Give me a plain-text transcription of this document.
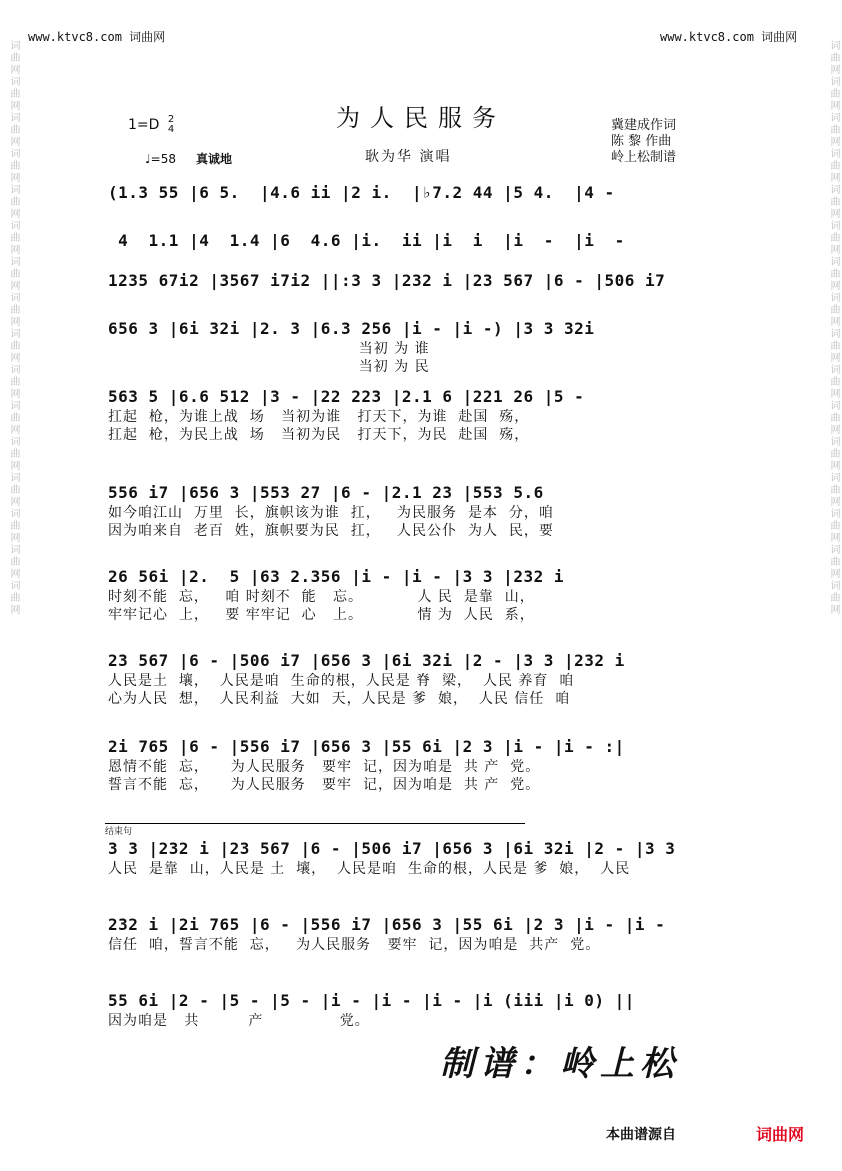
词曲网词曲网词曲网词曲网词曲网词曲网词曲网词曲网词曲网词曲网词曲网词曲网词曲网词曲网词曲网词曲网	词曲网词曲网词曲网词曲网词曲网词曲网词曲网词曲网词曲网词曲网词曲网词曲网词曲网词曲网词曲网词曲网
www.ktvc8.com 词曲网	www.ktvc8.com 词曲网
为人民服务
1=D 2
4
♩=58 真诚地	耿为华 演唱
冀建成作词
陈 黎 作曲
岭上松制谱
(1.3 55 |6 5.  |4.6 ii |2 i.  |♭7.2 44 |5 4.  |4 -
4  1.1 |4  1.4 |6  4.6 |i.  ii |i  i  |i  -  |i  -
1235 67i2 |3567 i7i2 ||:3 3 |232 i |23 567 |6 - |506 i7
656 3 |6i 32i |2. 3 |6.3 256 |i - |i -) |3 3 32i
当初 为 谁
当初 为 民
563 5 |6.6 512 |3 - |22 223 |2.1 6 |221 26 |5 -
扛起  枪，为谁上战  场   当初为谁   打天下，为谁  赴国  殇，
扛起  枪，为民上战  场   当初为民   打天下，为民  赴国  殇，
556 i7 |656 3 |553 27 |6 - |2.1 23 |553 5.6
如今咱江山  万里  长，旗帜该为谁  扛，   为民服务  是本  分，咱
因为咱来自  老百  姓，旗帜要为民  扛，   人民公仆  为人  民，要
26 56i |2.  5 |63 2.356 |i - |i - |3 3 |232 i
时刻不能  忘，   咱 时刻不  能   忘。          人 民  是靠  山，
牢牢记心  上，   要 牢牢记  心   上。          情 为  人民  系，
23 567 |6 - |506 i7 |656 3 |6i 32i |2 - |3 3 |232 i
人民是土  壤，  人民是咱  生命的根，人民是 脊  梁，  人民 养育  咱
心为人民  想，  人民利益  大如  天，人民是 爹  娘，  人民 信任  咱
2i 765 |6 - |556 i7 |656 3 |55 6i |2 3 |i - |i - :|
恩情不能  忘，    为人民服务   要牢  记，因为咱是  共 产  党。
誓言不能  忘，    为人民服务   要牢  记，因为咱是  共 产  党。
3 3 |232 i |23 567 |6 - |506 i7 |656 3 |6i 32i |2 - |3 3
人民  是靠  山，人民是 土  壤，  人民是咱  生命的根，人民是 爹  娘，  人民
232 i |2i 765 |6 - |556 i7 |656 3 |55 6i |2 3 |i - |i -
信任  咱，誓言不能  忘，   为人民服务   要牢  记，因为咱是  共产  党。
55 6i |2 - |5 - |5 - |i - |i - |i - |i (iii |i 0) ||
因为咱是   共         产              党。
结束句
制谱：岭上松
本曲谱源自	词曲网
